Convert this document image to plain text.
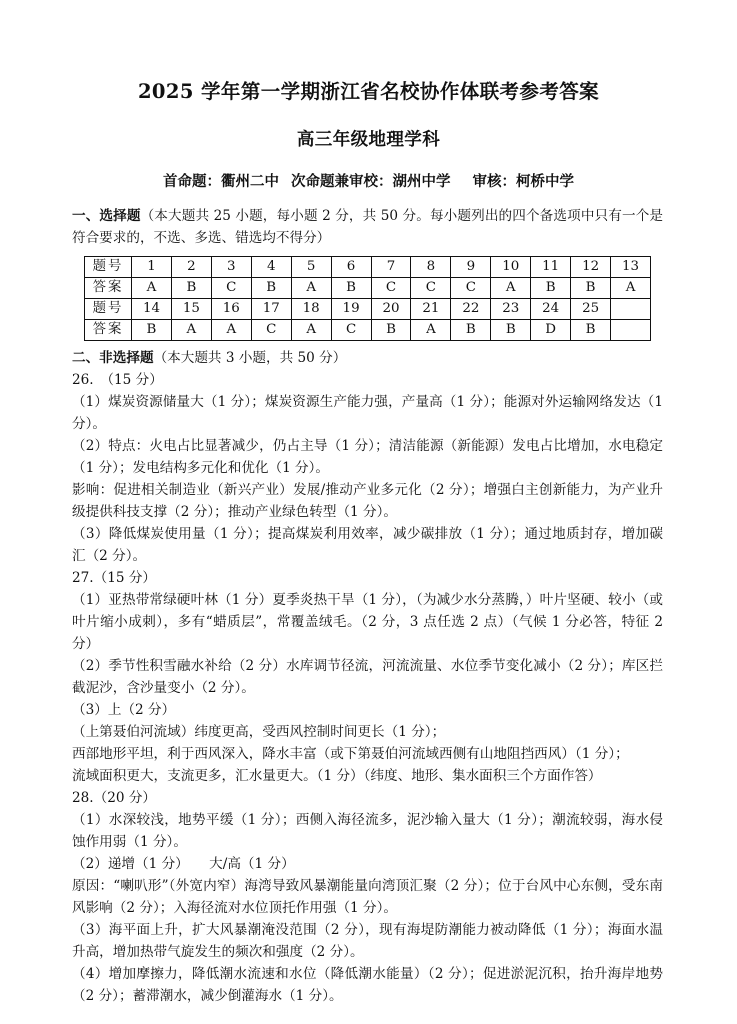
2025 学年第一学期浙江省名校协作体联考参考答案
高三年级地理学科
首命题：衢州二中 次命题兼审校：湖州中学 审核：柯桥中学

一、选择题（本大题共 25 小题，每小题 2 分，共 50 分。每小题列出的四个备选项中只有一个是符合要求的，不选、多选、错选均不得分）

题号	1	2	3	4	5	6	7	8	9	10	11	12	13
答案	A	B	C	B	A	B	C	C	C	A	B	B	A
题号	14	15	16	17	18	19	20	21	22	23	24	25	
答案	B	A	A	C	A	C	B	A	B	B	D	B	

二、非选择题（本大题共 3 小题，共 50 分）

26.　（15 分）

（1）煤炭资源储量大（1 分）；煤炭资源生产能力强，产量高（1 分）；能源对外运输网络发达（1 分）。

（2）特点：火电占比显著减少，仍占主导（1 分）；清洁能源（新能源）发电占比增加，水电稳定（1 分）；发电结构多元化和优化（1 分）。

影响：促进相关制造业（新兴产业）发展/推动产业多元化（2 分）；增强白主创新能力，为产业升级提供科技支撑（2 分）；推动产业绿色转型（1 分）。

（3）降低煤炭使用量（1 分）；提高煤炭利用效率，减少碳排放（1 分）；通过地质封存，增加碳汇（2 分）。

27.（15 分）

（1）亚热带常绿硬叶林（1 分）夏季炎热干旱（1 分），（为减少水分蒸腾，）叶片坚硬、较小（或叶片缩小成刺），多有“蜡质层”，常覆盖绒毛。（2 分，3 点任选 2 点）（气候 1 分必答，特征 2 分）

（2）季节性积雪融水补给（2 分）水库调节径流，河流流量、水位季节变化减小（2 分）；库区拦截泥沙，含沙量变小（2 分）。

（3）上（2 分）

（上第聂伯河流域）纬度更高，受西风控制时间更长（1 分）；

西部地形平坦，利于西风深入，降水丰富（或下第聂伯河流域西侧有山地阻挡西风）（1 分）；

流域面积更大，支流更多，汇水量更大。（1 分）（纬度、地形、集水面积三个方面作答）

28.（20 分）

（1）水深较浅，地势平缓（1 分）；西侧入海径流多，泥沙输入量大（1 分）；潮流较弱，海水侵蚀作用弱（1 分）。

（2）递增（1 分）　　大/高（1 分）

原因：“喇叭形”（外宽内窄）海湾导致风暴潮能量向湾顶汇聚（2 分）；位于台风中心东侧，受东南风影响（2 分）；入海径流对水位顶托作用强（1 分）。

（3）海平面上升，扩大风暴潮淹没范围（2 分），现有海堤防潮能力被动降低（1 分）；海面水温升高，增加热带气旋发生的频次和强度（2 分）。

（4）增加摩擦力，降低潮水流速和水位（降低潮水能量）（2 分）；促进淤泥沉积，抬升海岸地势（2 分）；蓄滞潮水，减少倒灌海水（1 分）。
